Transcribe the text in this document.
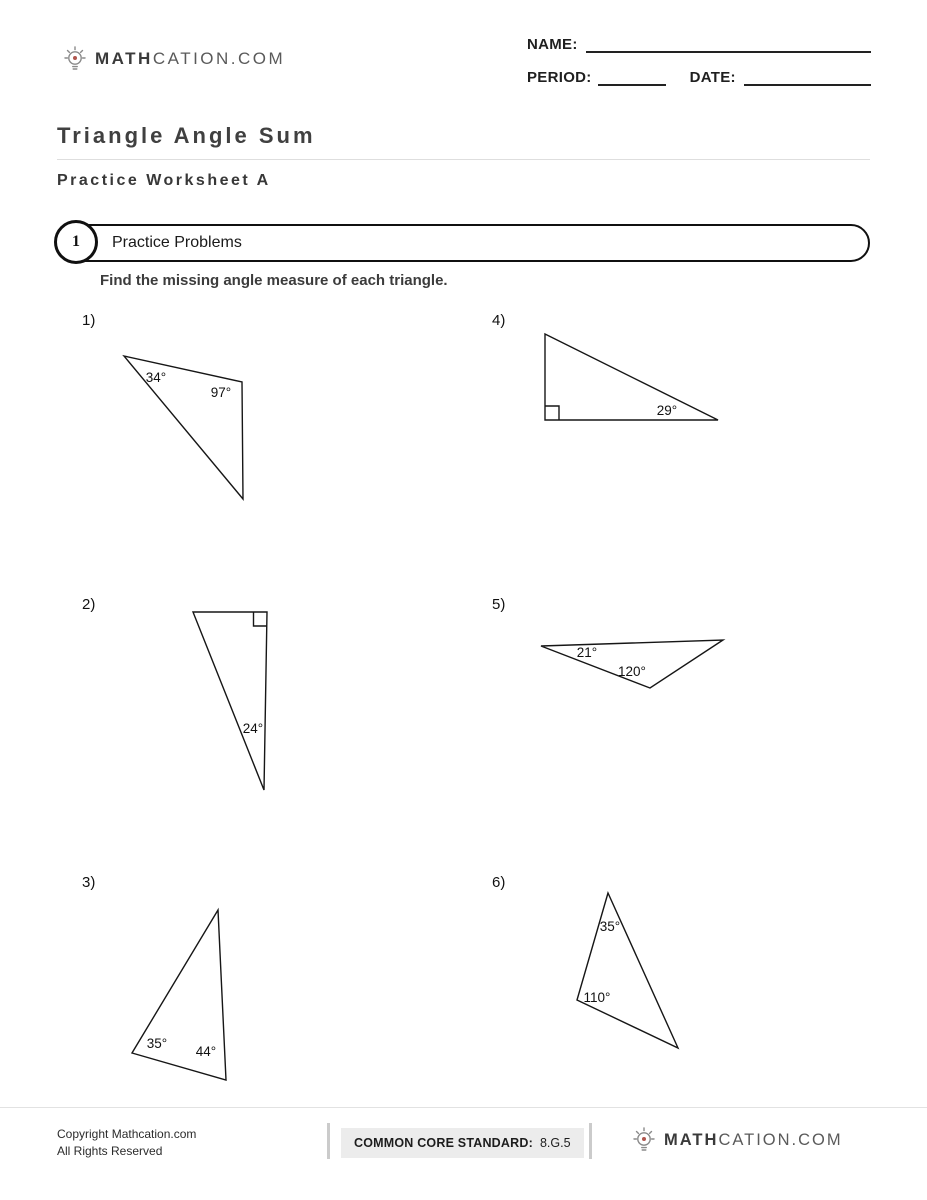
MATHCATION.COM
NAME:
PERIOD:	DATE:
Triangle Angle Sum
Practice Worksheet A
1	Practice Problems
Find the missing angle measure of each triangle.
1)
34°
97°
4)
29°
2)
24°
5)
21°
120°
3)
35°
44°
6)
35°
110°
Copyright Mathcation.com
All Rights Reserved
COMMON CORE STANDARD: 8.G.5	MATHCATION.COM
